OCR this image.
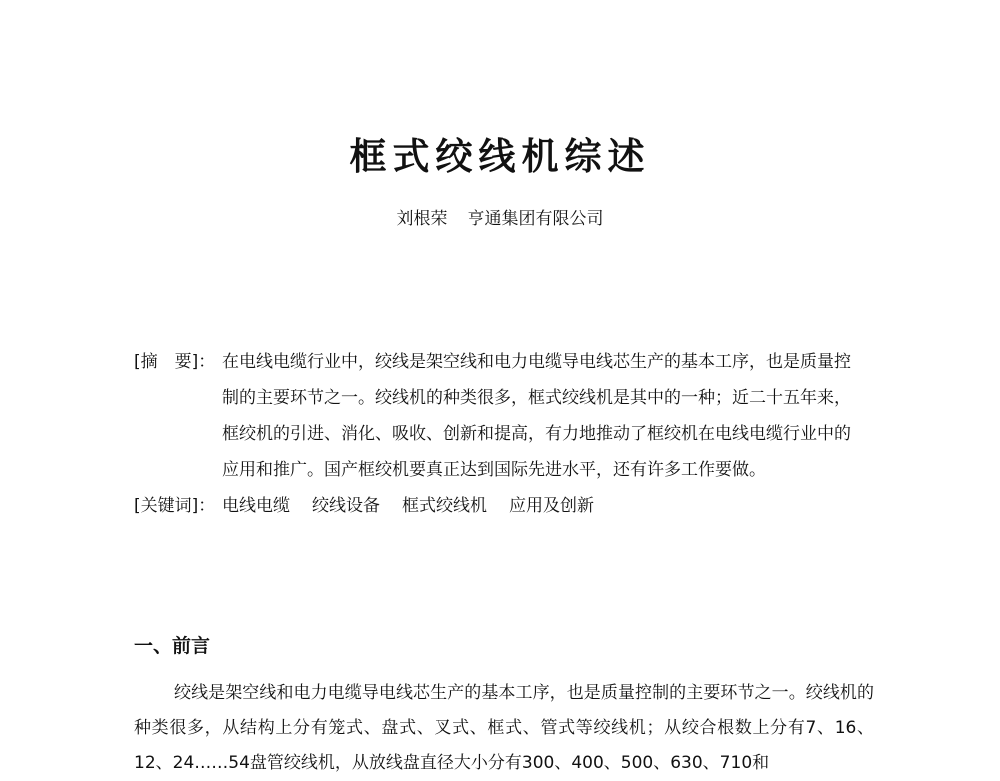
框式绞线机综述
刘根荣 亨通集团有限公司
[摘　要]： 在电线电缆行业中，绞线是架空线和电力电缆导电线芯生产的基本工序，也是质量控制的主要环节之一。绞线机的种类很多，框式绞线机是其中的一种；近二十五年来，框绞机的引进、消化、吸收、创新和提高，有力地推动了框绞机在电线电缆行业中的应用和推广。国产框绞机要真正达到国际先进水平，还有许多工作要做。
[关键词]： 电线电缆 绞线设备 框式绞线机 应用及创新
一、前言
绞线是架空线和电力电缆导电线芯生产的基本工序，也是质量控制的主要环节之一。绞线机的种类很多，从结构上分有笼式、盘式、叉式、框式、管式等绞线机；从绞合根数上分有7、16、12、24……54盘管绞线机，从放线盘直径大小分有300、400、500、630、710和
